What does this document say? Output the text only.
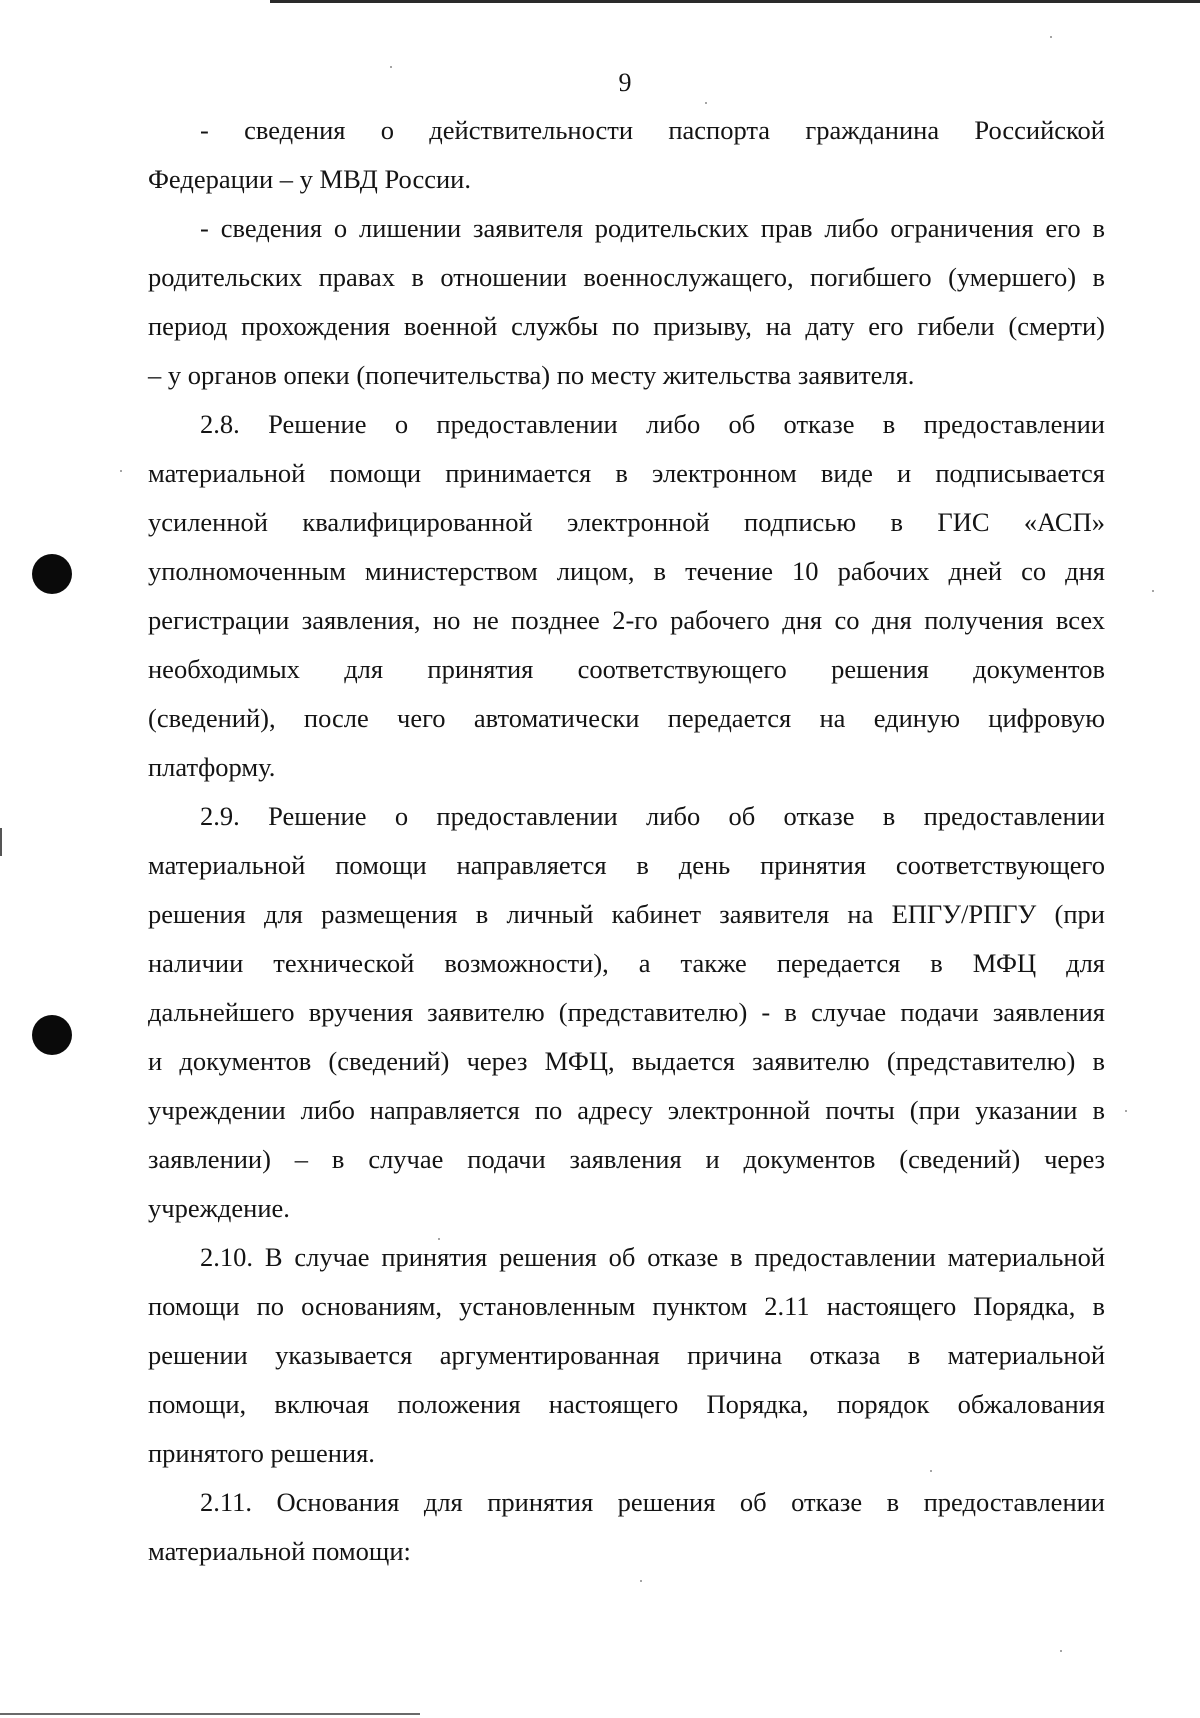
9

- сведения о действительности паспорта гражданина Российской
Федерации – у МВД России.

- сведения о лишении заявителя родительских прав либо ограничения его в
родительских правах в отношении военнослужащего, погибшего (умершего) в
период прохождения военной службы по призыву, на дату его гибели (смерти)
– у органов опеки (попечительства) по месту жительства заявителя.

2.8. Решение о предоставлении либо об отказе в предоставлении
материальной помощи принимается в электронном виде и подписывается
усиленной квалифицированной электронной подписью в ГИС «АСП»
уполномоченным министерством лицом, в течение 10 рабочих дней со дня
регистрации заявления, но не позднее 2-го рабочего дня со дня получения всех
необходимых для принятия соответствующего решения документов
(сведений), после чего автоматически передается на единую цифровую
платформу.

2.9. Решение о предоставлении либо об отказе в предоставлении
материальной помощи направляется в день принятия соответствующего
решения для размещения в личный кабинет заявителя на ЕПГУ/РПГУ (при
наличии технической возможности), а также передается в МФЦ для
дальнейшего вручения заявителю (представителю) - в случае подачи заявления
и документов (сведений) через МФЦ, выдается заявителю (представителю) в
учреждении либо направляется по адресу электронной почты (при указании в
заявлении) – в случае подачи заявления и документов (сведений) через
учреждение.

2.10. В случае принятия решения об отказе в предоставлении материальной
помощи по основаниям, установленным пунктом 2.11 настоящего Порядка, в
решении указывается аргументированная причина отказа в материальной
помощи, включая положения настоящего Порядка, порядок обжалования
принятого решения.

2.11. Основания для принятия решения об отказе в предоставлении
материальной помощи:
